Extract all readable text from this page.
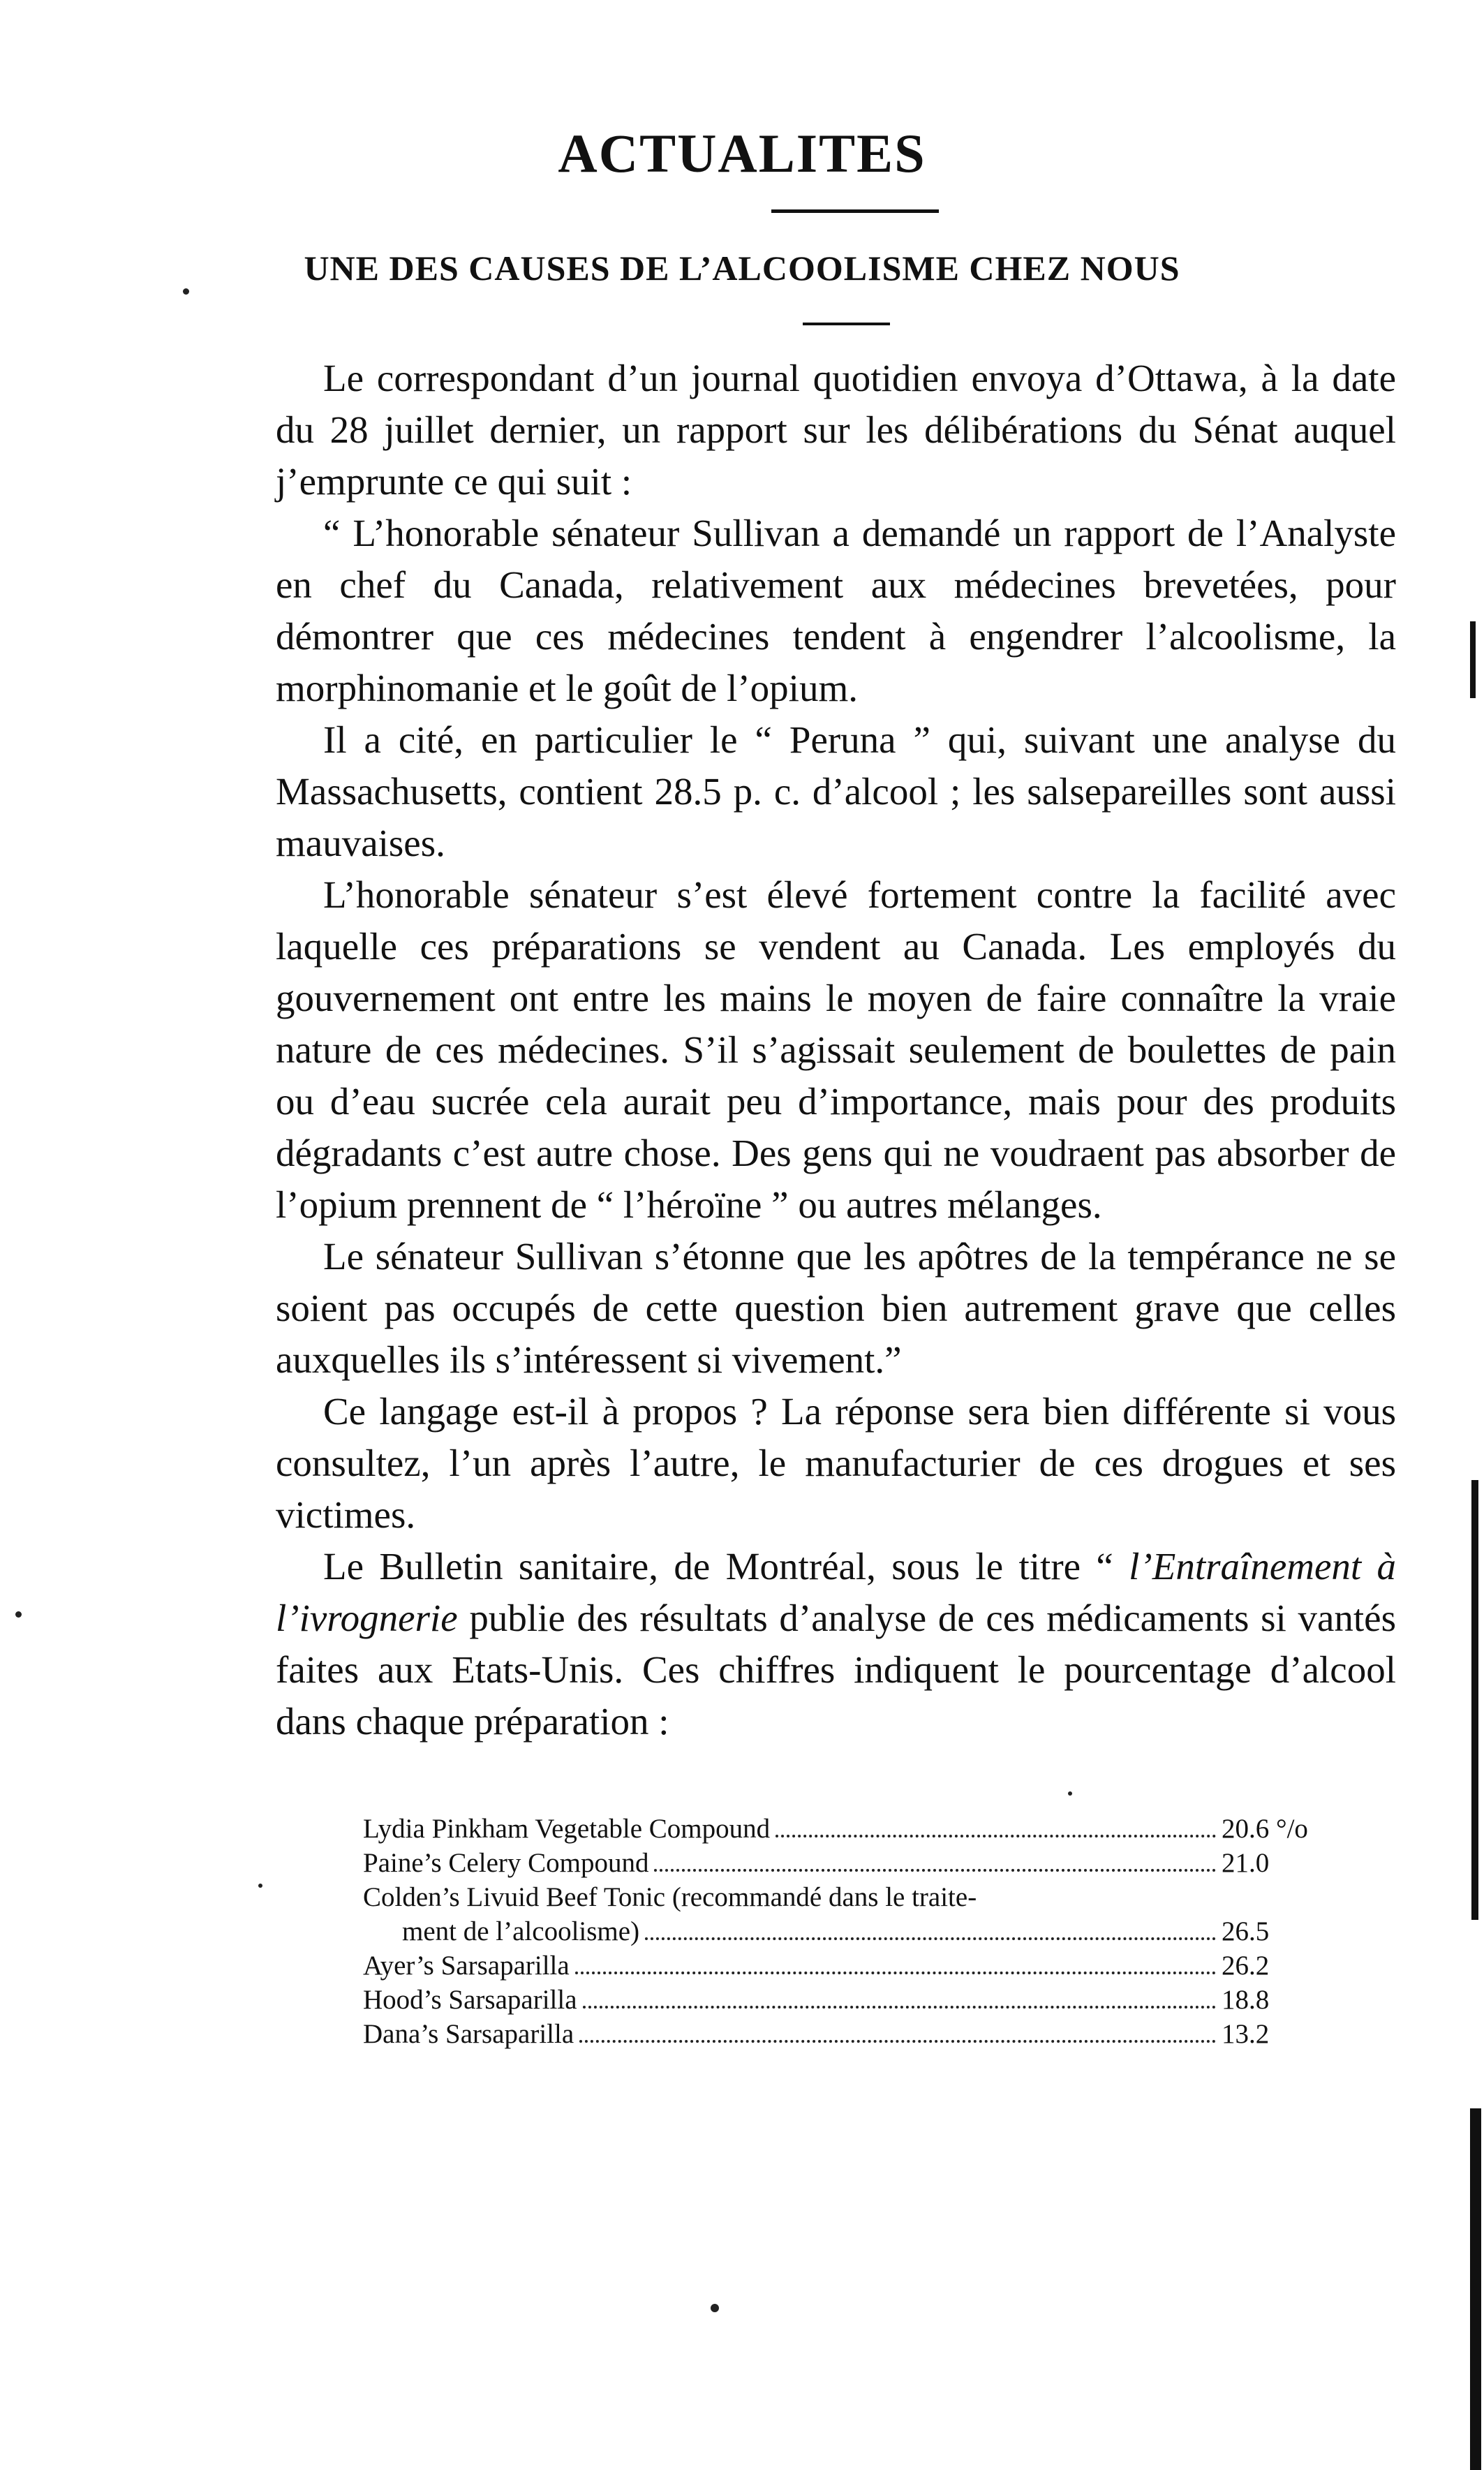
ACTUALITES
UNE DES CAUSES DE L’ALCOOLISME CHEZ NOUS

Le correspondant d’un journal quotidien envoya d’Ottawa, à la date du 28 juillet dernier, un rapport sur les délibérations du Sénat auquel j’emprunte ce qui suit :

“ L’honorable sénateur Sullivan a demandé un rapport de l’Analyste en chef du Canada, relativement aux médecines brevetées, pour démontrer que ces médecines tendent à engendrer l’alcoolisme, la morphinomanie et le goût de l’opium.

Il a cité, en particulier le “ Peruna ” qui, suivant une analyse du Massachusetts, contient 28.5 p. c. d’alcool ; les salsepareilles sont aussi mauvaises.

L’honorable sénateur s’est élevé fortement contre la facilité avec laquelle ces préparations se vendent au Canada. Les employés du gouvernement ont entre les mains le moyen de faire connaître la vraie nature de ces médecines. S’il s’agissait seulement de boulettes de pain ou d’eau sucrée cela aurait peu d’importance, mais pour des produits dégradants c’est autre chose. Des gens qui ne voudraent pas absorber de l’opium prennent de “ l’héroïne ” ou autres mélanges.

Le sénateur Sullivan s’étonne que les apôtres de la tempérance ne se soient pas occupés de cette question bien autrement grave que celles auxquelles ils s’intéressent si vivement.”

Ce langage est-il à propos ? La réponse sera bien différente si vous consultez, l’un après l’autre, le manufacturier de ces drogues et ses victimes.

Le Bulletin sanitaire, de Montréal, sous le titre “ l’Entraînement à l’ivrognerie publie des résultats d’analyse de ces médicaments si vantés faites aux Etats-Unis. Ces chiffres indiquent le pourcentage d’alcool dans chaque préparation :

Lydia Pinkham Vegetable Compound	20.6 °/o
Paine’s Celery Compound	21.0
Colden’s Livuid Beef Tonic (recommandé dans le traite-
ment de l’alcoolisme)	26.5
Ayer’s Sarsaparilla	26.2
Hood’s Sarsaparilla	18.8
Dana’s Sarsaparilla	13.2
